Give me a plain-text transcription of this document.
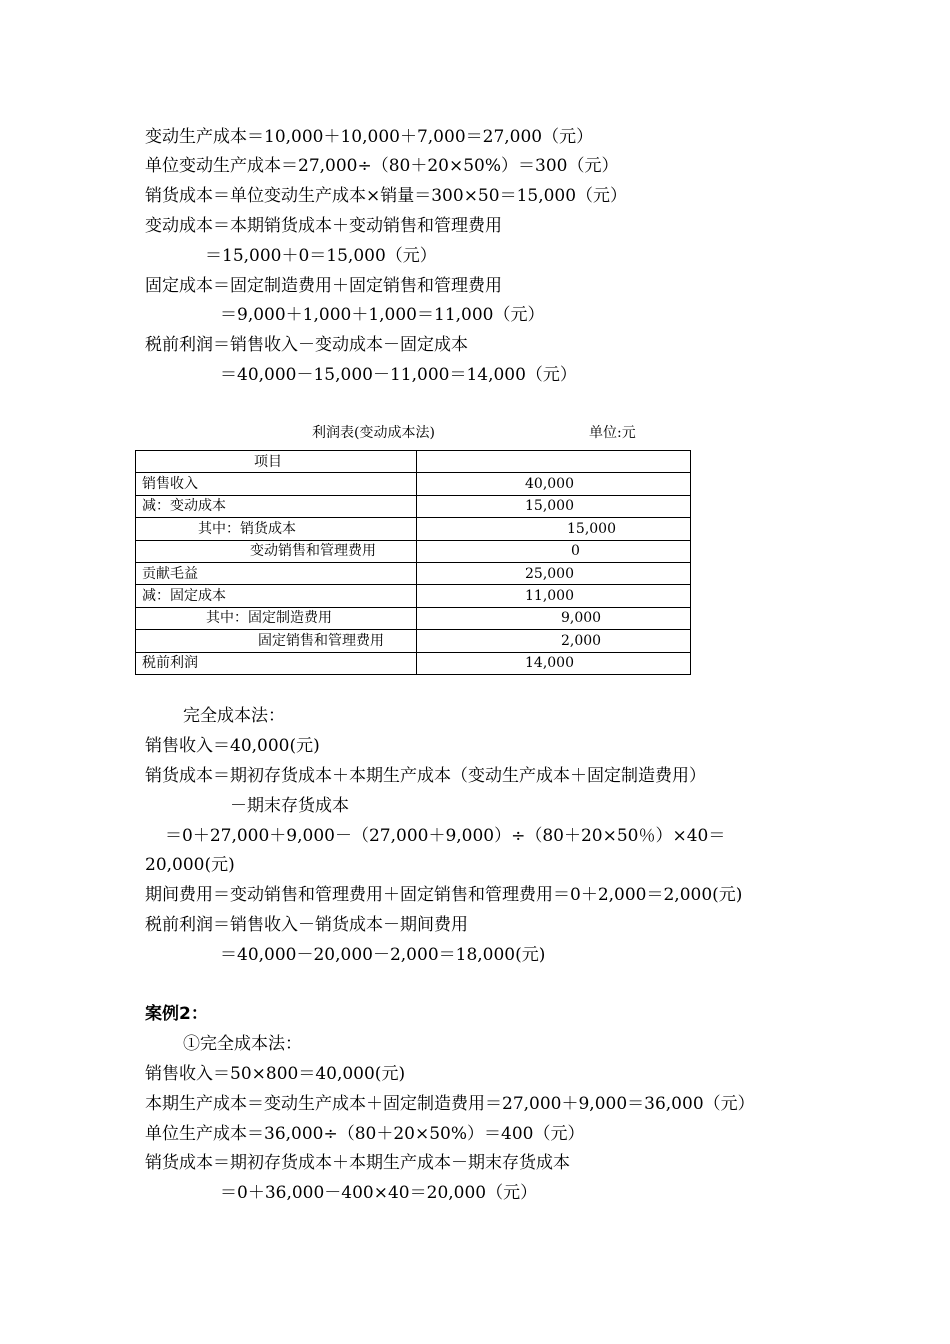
变动生产成本＝10,000＋10,000＋7,000＝27,000（元）
单位变动生产成本＝27,000÷（80＋20×50%）＝300（元）
销货成本＝单位变动生产成本×销量＝300×50＝15,000（元）
变动成本＝本期销货成本＋变动销售和管理费用
＝15,000＋0＝15,000（元）
固定成本＝固定制造费用＋固定销售和管理费用
＝9,000＋1,000＋1,000＝11,000（元）
税前利润＝销售收入－变动成本－固定成本
＝40,000－15,000－11,000＝14,000（元）
利润表(变动成本法)	单位:元
项目	
销售收入	40,000
减：变动成本	15,000
其中：销货成本	15,000
变动销售和管理费用	0
贡献毛益	25,000
减：固定成本	11,000
其中：固定制造费用	9,000
固定销售和管理费用	2,000
税前利润	14,000
完全成本法：
销售收入＝40,000(元)
销货成本＝期初存货成本＋本期生产成本（变动生产成本＋固定制造费用）
－期末存货成本
＝0＋27,000＋9,000－（27,000＋9,000）÷（80＋20×50％）×40＝
20,000(元)
期间费用＝变动销售和管理费用＋固定销售和管理费用＝0＋2,000＝2,000(元)
税前利润＝销售收入－销货成本－期间费用
＝40,000－20,000－2,000＝18,000(元)
案例2：
①完全成本法：
销售收入＝50×800＝40,000(元)
本期生产成本＝变动生产成本＋固定制造费用＝27,000＋9,000＝36,000（元）
单位生产成本＝36,000÷（80＋20×50%）＝400（元）
销货成本＝期初存货成本＋本期生产成本－期末存货成本
＝0＋36,000－400×40＝20,000（元）
